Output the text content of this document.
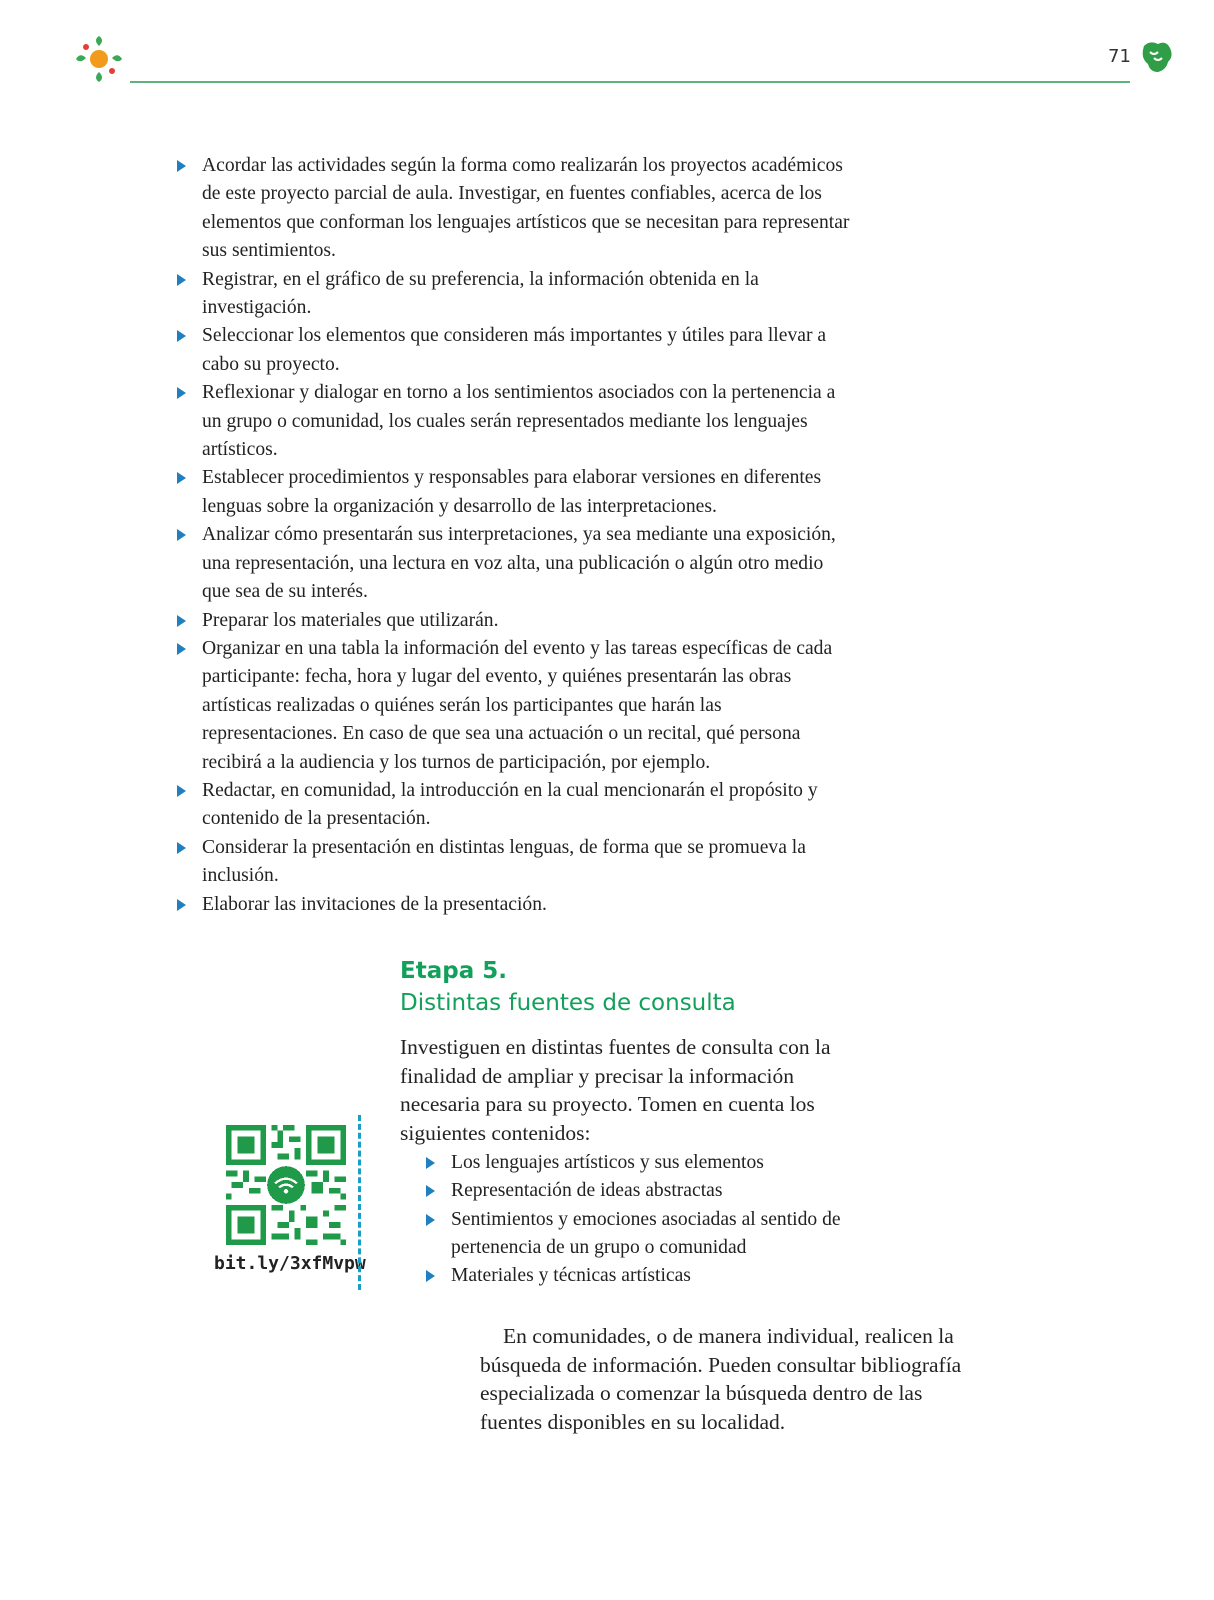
71
Acordar las actividades según la forma como realizarán los proyectos académicos de este proyecto parcial de aula. Investigar, en fuentes confiables, acerca de los elementos que conforman los lenguajes artísticos que se necesitan para representar sus sentimientos.
Registrar, en el gráfico de su preferencia, la información obtenida en la investigación.
Seleccionar los elementos que consideren más importantes y útiles para llevar a cabo su proyecto.
Reflexionar y dialogar en torno a los sentimientos asociados con la pertenencia a un grupo o comunidad, los cuales serán representados mediante los lenguajes artísticos.
Establecer procedimientos y responsables para elaborar versiones en diferentes lenguas sobre la organización y desarrollo de las interpretaciones.
Analizar cómo presentarán sus interpretaciones, ya sea mediante una exposición, una representación, una lectura en voz alta, una publicación o algún otro medio que sea de su interés.
Preparar los materiales que utilizarán.
Organizar en una tabla la información del evento y las tareas específicas de cada participante: fecha, hora y lugar del evento, y quiénes presentarán las obras artísticas realizadas o quiénes serán los participantes que harán las representaciones. En caso de que sea una actuación o un recital, qué persona recibirá a la audiencia y los turnos de participación, por ejemplo.
Redactar, en comunidad, la introducción en la cual mencionarán el propósito y contenido de la presentación.
Considerar la presentación en distintas lenguas, de forma que se promueva la inclusión.
Elaborar las invitaciones de la presentación.
Etapa 5.
Distintas fuentes de consulta
bit.ly/3xfMvpw

Investiguen en distintas fuentes de consulta con la finalidad de ampliar y precisar la información necesaria para su proyecto. Tomen en cuenta los siguientes contenidos:

Los lenguajes artísticos y sus elementos
Representación de ideas abstractas
Sentimientos y emociones asociadas al sentido de pertenencia de un grupo o comunidad
Materiales y técnicas artísticas

En comunidades, o de manera individual, realicen la búsqueda de información. Pueden consultar bibliografía especializada o comenzar la búsqueda dentro de las fuentes disponibles en su localidad.
